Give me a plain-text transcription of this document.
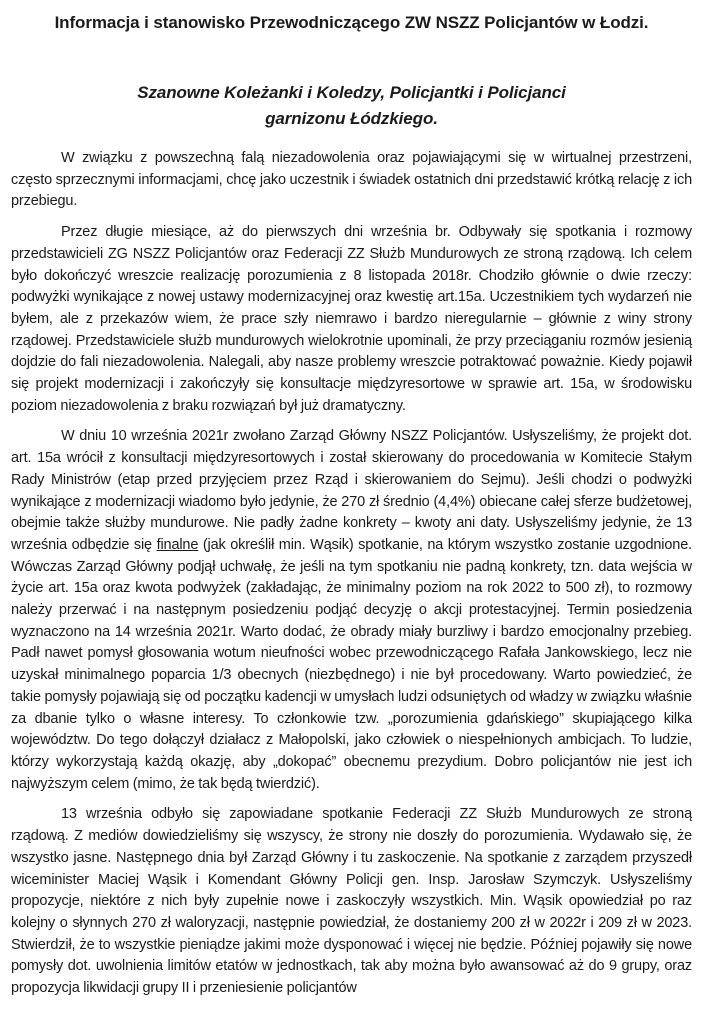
Informacja i stanowisko Przewodniczącego ZW NSZZ Policjantów w Łodzi.
Szanowne Koleżanki i Koledzy, Policjantki i Policjanci
garnizonu Łódzkiego.

W związku z powszechną falą niezadowolenia oraz pojawiającymi się w wirtualnej przestrzeni, często sprzecznymi informacjami, chcę jako uczestnik i świadek ostatnich dni przedstawić krótką relację z ich przebiegu.

Przez długie miesiące, aż do pierwszych dni września br. Odbywały się spotkania i rozmowy przedstawicieli ZG NSZZ Policjantów oraz Federacji ZZ Służb Mundurowych ze stroną rządową. Ich celem było dokończyć wreszcie realizację porozumienia z 8 listopada 2018r. Chodziło głównie o dwie rzeczy: podwyżki wynikające z nowej ustawy modernizacyjnej oraz kwestię art.15a. Uczestnikiem tych wydarzeń nie byłem, ale z przekazów wiem, że prace szły niemrawo i bardzo nieregularnie – głównie z winy strony rządowej. Przedstawiciele służb mundurowych wielokrotnie upominali, że przy przeciąganiu rozmów jesienią dojdzie do fali niezadowolenia. Nalegali, aby nasze problemy wreszcie potraktować poważnie. Kiedy pojawił się projekt modernizacji i zakończyły się konsultacje międzyresortowe w sprawie art. 15a, w środowisku poziom niezadowolenia z braku rozwiązań był już dramatyczny.

W dniu 10 września 2021r zwołano Zarząd Główny NSZZ Policjantów. Usłyszeliśmy, że projekt dot. art. 15a wrócił z konsultacji międzyresortowych i został skierowany do procedowania w Komitecie Stałym Rady Ministrów (etap przed przyjęciem przez Rząd i skierowaniem do Sejmu). Jeśli chodzi o podwyżki wynikające z modernizacji wiadomo było jedynie, że 270 zł średnio (4,4%) obiecane całej sferze budżetowej, obejmie także służby mundurowe. Nie padły żadne konkrety – kwoty ani daty. Usłyszeliśmy jedynie, że 13 września odbędzie się finalne (jak określił min. Wąsik) spotkanie, na którym wszystko zostanie uzgodnione. Wówczas Zarząd Główny podjął uchwałę, że jeśli na tym spotkaniu nie padną konkrety, tzn. data wejścia w życie art. 15a oraz kwota podwyżek (zakładając, że minimalny poziom na rok 2022 to 500 zł), to rozmowy należy przerwać i na następnym posiedzeniu podjąć decyzję o akcji protestacyjnej. Termin posiedzenia wyznaczono na 14 września 2021r. Warto dodać, że obrady miały burzliwy i bardzo emocjonalny przebieg. Padł nawet pomysł głosowania wotum nieufności wobec przewodniczącego Rafała Jankowskiego, lecz nie uzyskał minimalnego poparcia 1/3 obecnych (niezbędnego) i nie był procedowany. Warto powiedzieć, że takie pomysły pojawiają się od początku kadencji w umysłach ludzi odsuniętych od władzy w związku właśnie za dbanie tylko o własne interesy. To członkowie tzw. „porozumienia gdańskiego” skupiającego kilka województw. Do tego dołączył działacz z Małopolski, jako człowiek o niespełnionych ambicjach. To ludzie, którzy wykorzystają każdą okazję, aby „dokopać” obecnemu prezydium. Dobro policjantów nie jest ich najwyższym celem (mimo, że tak będą twierdzić).

13 września odbyło się zapowiadane spotkanie Federacji ZZ Służb Mundurowych ze stroną rządową. Z mediów dowiedzieliśmy się wszyscy, że strony nie doszły do porozumienia. Wydawało się, że wszystko jasne. Następnego dnia był Zarząd Główny i tu zaskoczenie. Na spotkanie z zarządem przyszedł wiceminister Maciej Wąsik i Komendant Główny Policji gen. Insp. Jarosław Szymczyk. Usłyszeliśmy propozycje, niektóre z nich były zupełnie nowe i zaskoczyły wszystkich. Min. Wąsik opowiedział po raz kolejny o słynnych 270 zł waloryzacji, następnie powiedział, że dostaniemy 200 zł w 2022r i 209 zł w 2023. Stwierdził, że to wszystkie pieniądze jakimi może dysponować i więcej nie będzie. Później pojawiły się nowe pomysły dot. uwolnienia limitów etatów w jednostkach, tak aby można było awansować aż do 9 grupy, oraz propozycja likwidacji grupy II i przeniesienie policjantów
